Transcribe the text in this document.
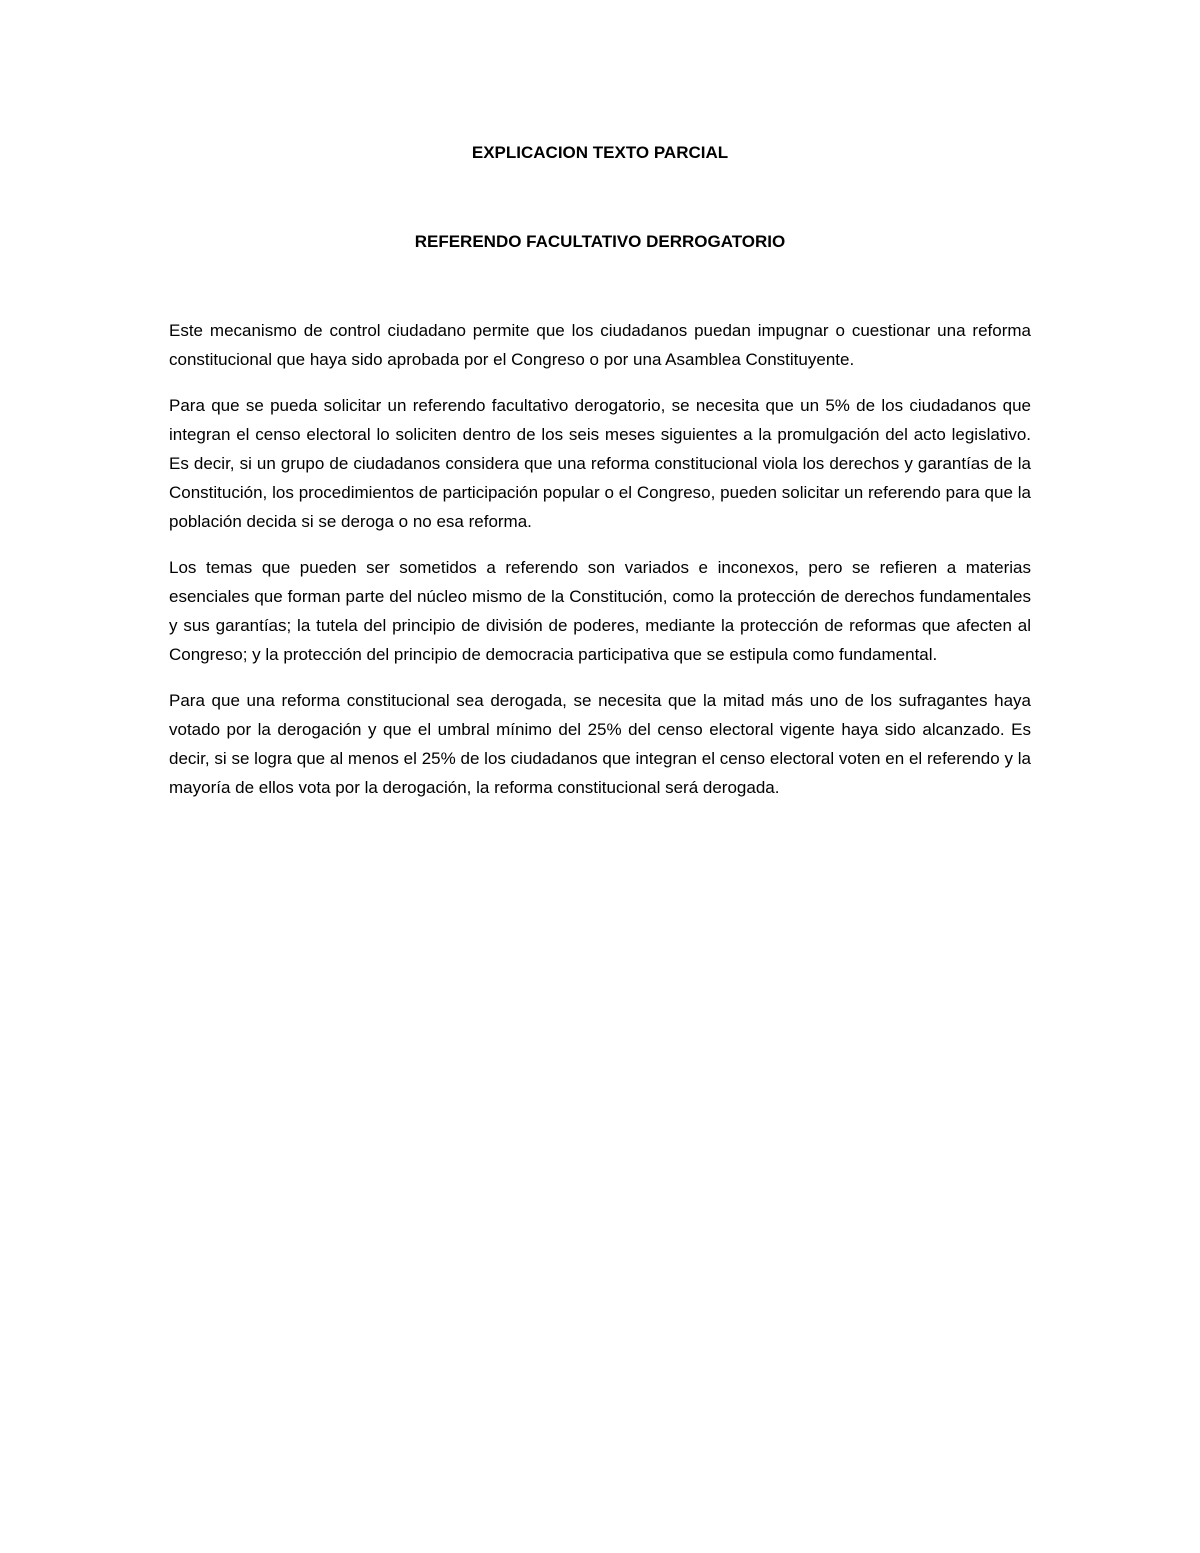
EXPLICACION TEXTO PARCIAL
REFERENDO FACULTATIVO DERROGATORIO

Este mecanismo de control ciudadano permite que los ciudadanos puedan impugnar o cuestionar una reforma constitucional que haya sido aprobada por el Congreso o por una Asamblea Constituyente.

Para que se pueda solicitar un referendo facultativo derogatorio, se necesita que un 5% de los ciudadanos que integran el censo electoral lo soliciten dentro de los seis meses siguientes a la promulgación del acto legislativo. Es decir, si un grupo de ciudadanos considera que una reforma constitucional viola los derechos y garantías de la Constitución, los procedimientos de participación popular o el Congreso, pueden solicitar un referendo para que la población decida si se deroga o no esa reforma.

Los temas que pueden ser sometidos a referendo son variados e inconexos, pero se refieren a materias esenciales que forman parte del núcleo mismo de la Constitución, como la protección de derechos fundamentales y sus garantías; la tutela del principio de división de poderes, mediante la protección de reformas que afecten al Congreso; y la protección del principio de democracia participativa que se estipula como fundamental.

Para que una reforma constitucional sea derogada, se necesita que la mitad más uno de los sufragantes haya votado por la derogación y que el umbral mínimo del 25% del censo electoral vigente haya sido alcanzado. Es decir, si se logra que al menos el 25% de los ciudadanos que integran el censo electoral voten en el referendo y la mayoría de ellos vota por la derogación, la reforma constitucional será derogada.
